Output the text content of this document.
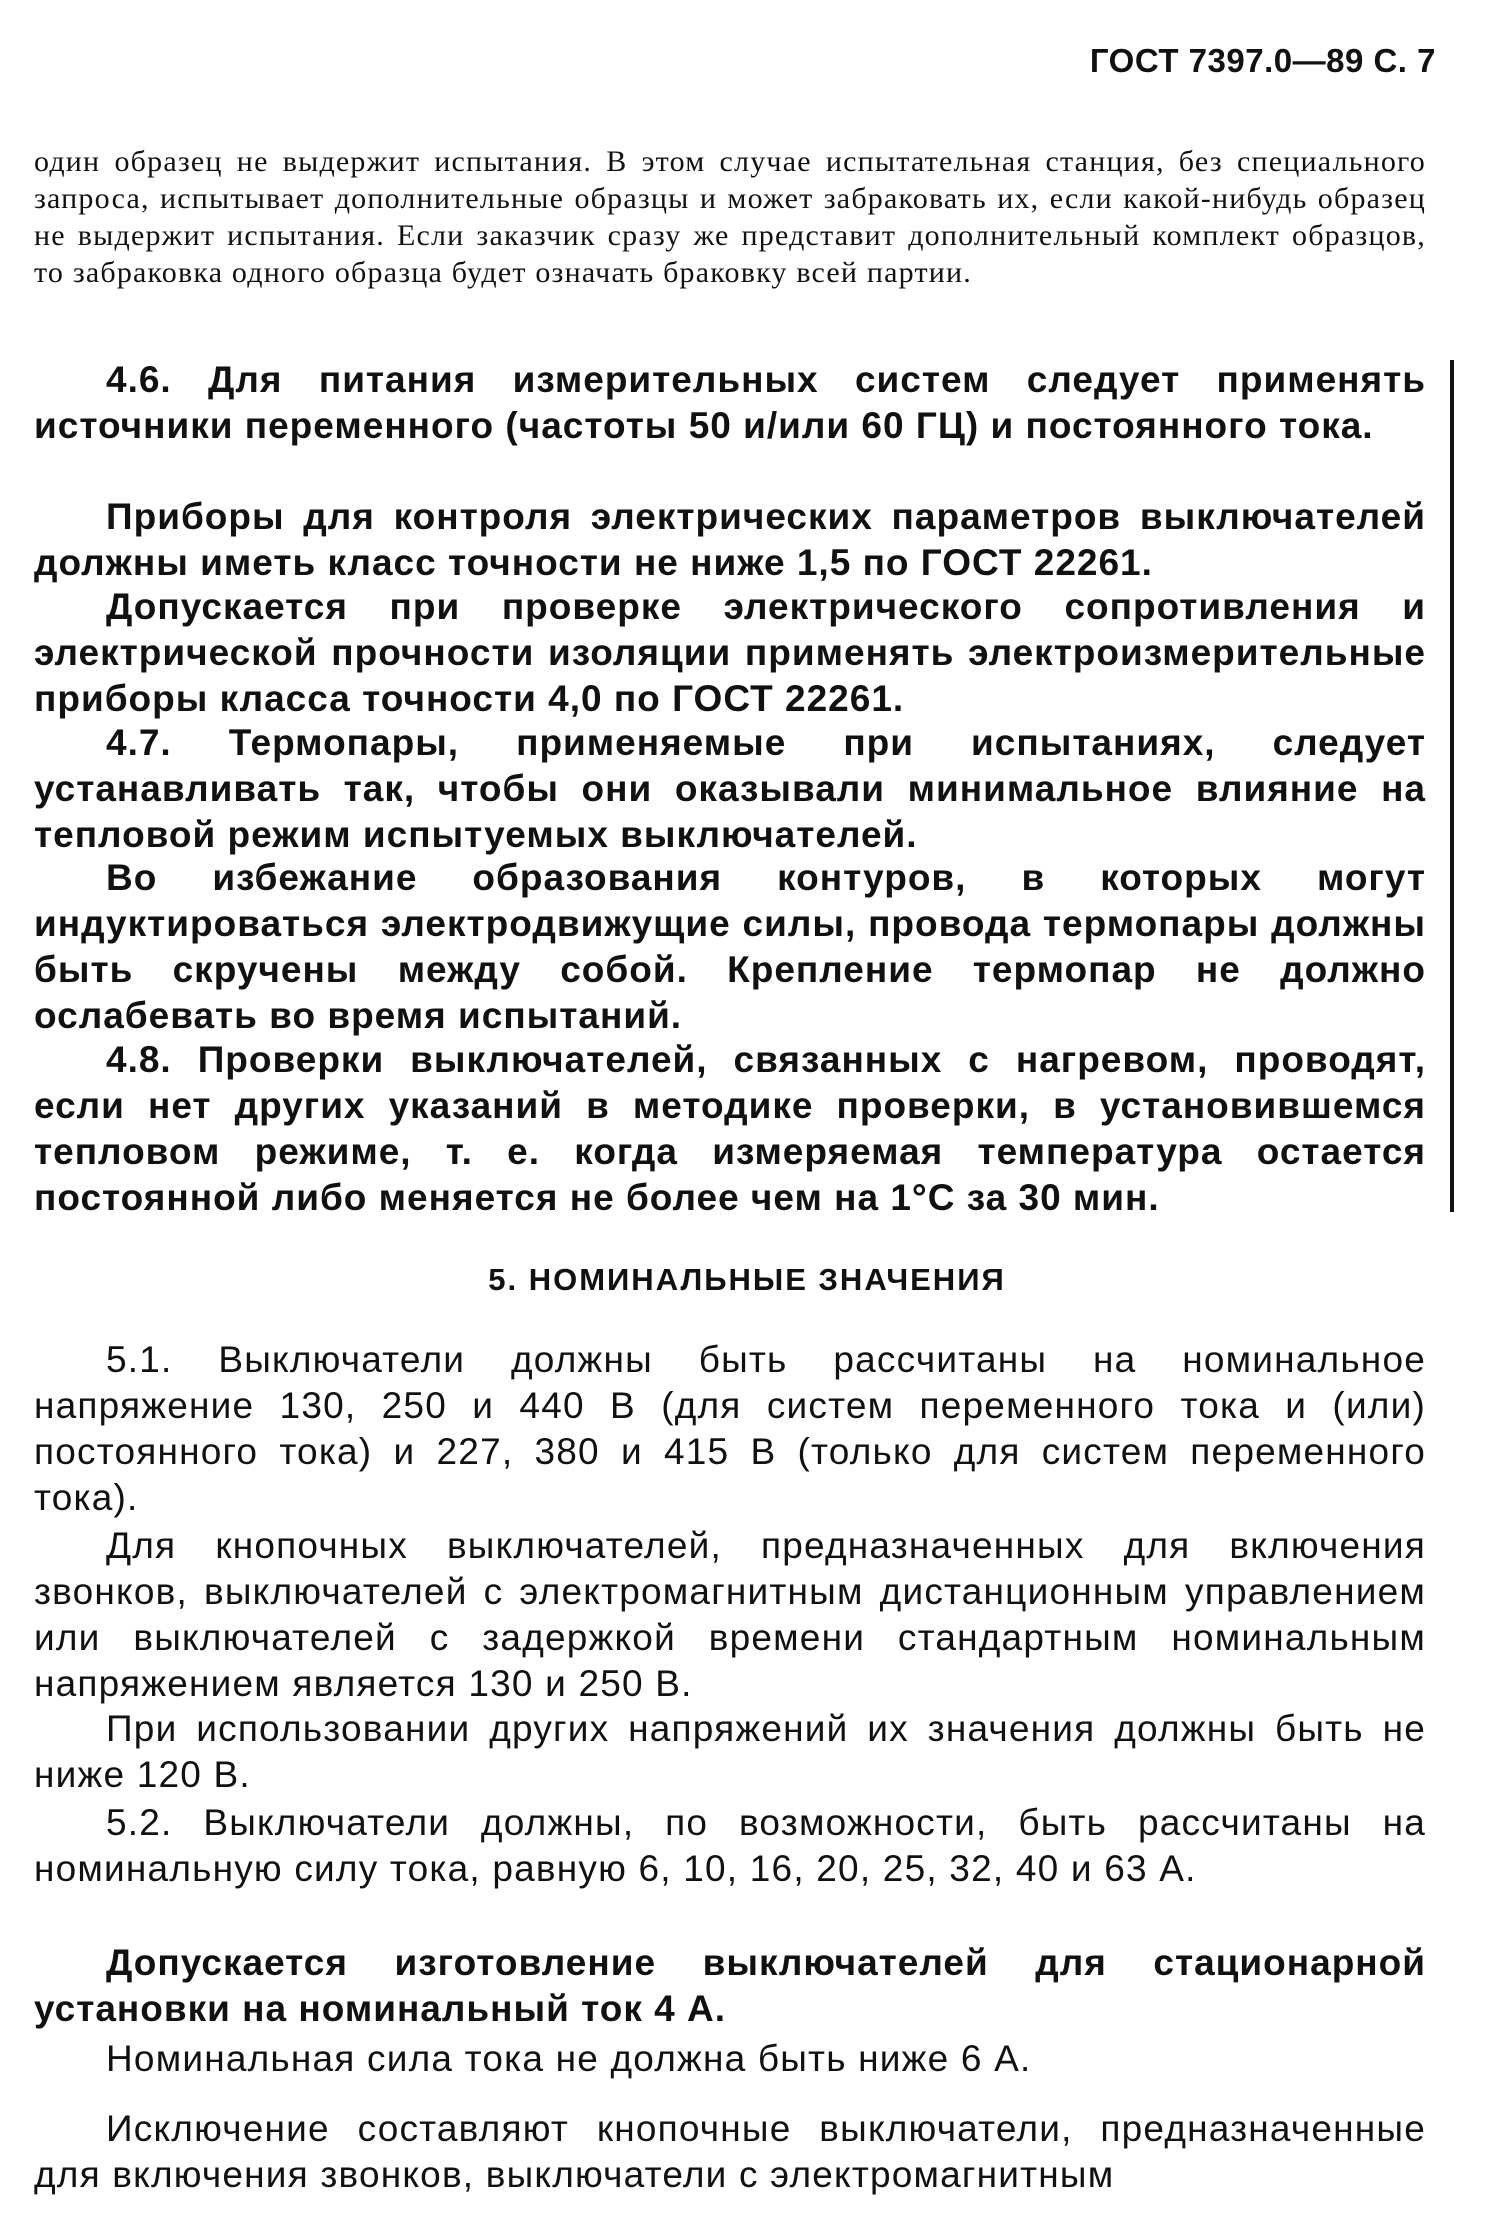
ГОСТ 7397.0—89 С. 7

один образец не выдержит испытания. В этом случае испытательная станция, без специального запроса, испытывает дополнительные образцы и может забраковать их, если какой-нибудь образец не выдержит испытания. Если заказчик сразу же представит дополнительный комплект образцов, то забраковка одного образца будет означать браковку всей партии.

4.6. Для питания измерительных систем следует применять источники переменного (частоты 50 и/или 60 ГЦ) и постоянного тока.

Приборы для контроля электрических параметров выключателей должны иметь класс точности не ниже 1,5 по ГОСТ 22261.

Допускается при проверке электрического сопротивления и электрической прочности изоляции применять электроизмерительные приборы класса точности 4,0 по ГОСТ 22261.

4.7. Термопары, применяемые при испытаниях, следует устанавливать так, чтобы они оказывали минимальное влияние на тепловой режим испытуемых выключателей.

Во избежание образования контуров, в которых могут индуктироваться электродвижущие силы, провода термопары должны быть скручены между собой. Крепление термопар не должно ослабевать во время испытаний.

4.8. Проверки выключателей, связанных с нагревом, проводят, если нет других указаний в методике проверки, в установившемся тепловом режиме, т. е. когда измеряемая температура остается постоянной либо меняется не более чем на 1°С за 30 мин.

5. НОМИНАЛЬНЫЕ ЗНАЧЕНИЯ

5.1. Выключатели должны быть рассчитаны на номинальное напряжение 130, 250 и 440 В (для систем переменного тока и (или) постоянного тока) и 227, 380 и 415 В (только для систем переменного тока).

Для кнопочных выключателей, предназначенных для включения звонков, выключателей с электромагнитным дистанционным управлением или выключателей с задержкой времени стандартным номинальным напряжением является 130 и 250 В.

При использовании других напряжений их значения должны быть не ниже 120 В.

5.2. Выключатели должны, по возможности, быть рассчитаны на номинальную силу тока, равную 6, 10, 16, 20, 25, 32, 40 и 63 А.

Допускается изготовление выключателей для стационарной установки на номинальный ток 4 А.

Номинальная сила тока не должна быть ниже 6 А.

Исключение составляют кнопочные выключатели, предназначенные для включения звонков, выключатели с электромагнитным
